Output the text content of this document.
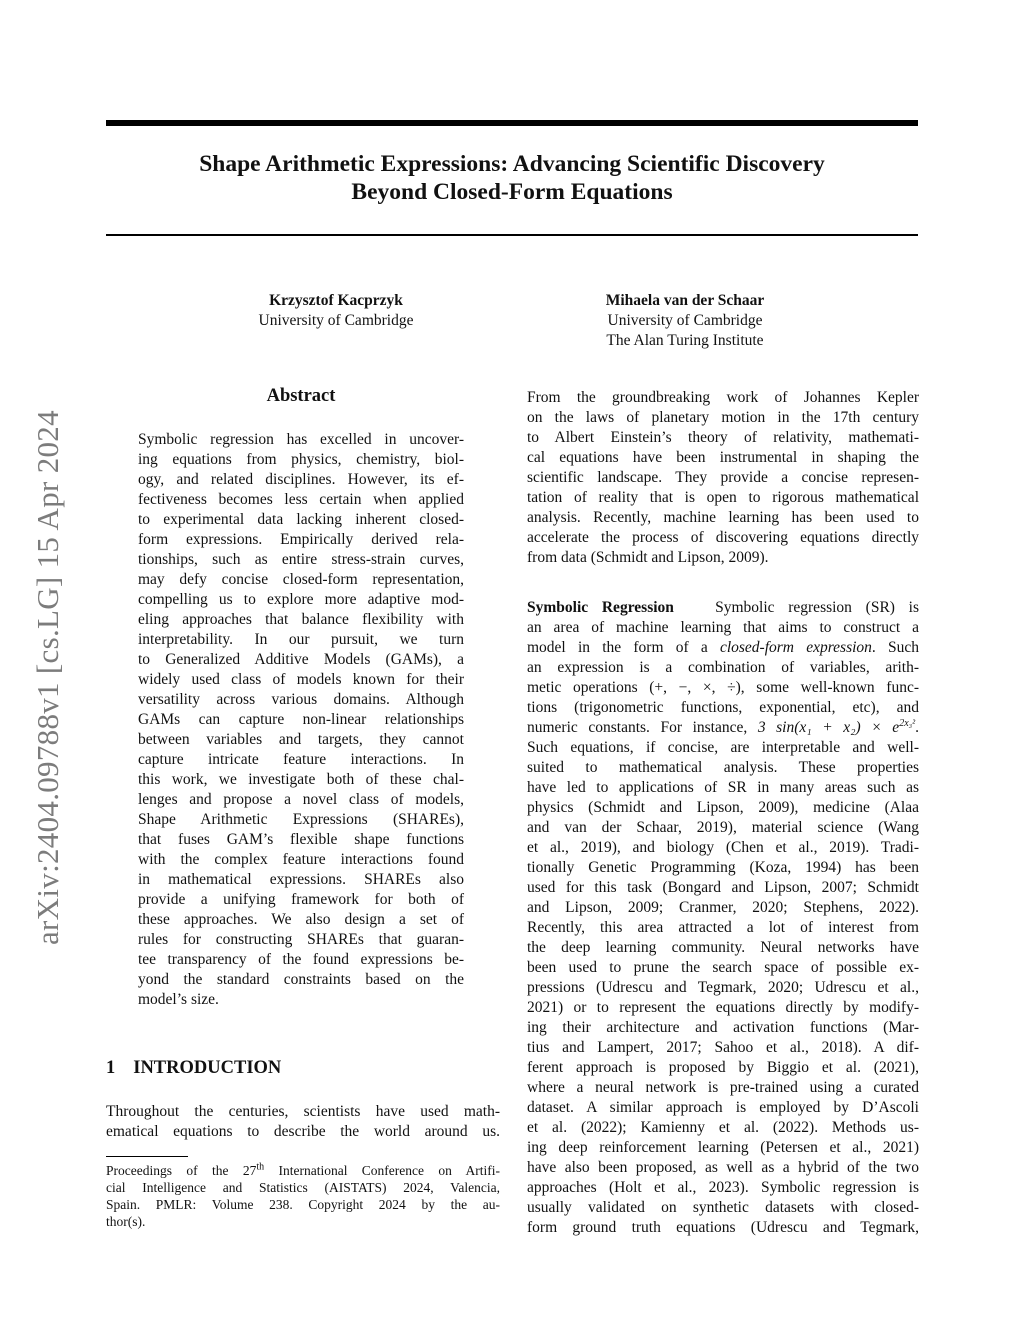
arXiv:2404.09788v1 [cs.LG] 15 Apr 2024
Shape Arithmetic Expressions: Advancing Scientific Discovery
Beyond Closed-Form Equations
Krzysztof Kacprzyk
University of Cambridge
Mihaela van der Schaar
University of Cambridge
The Alan Turing Institute
Abstract
Symbolic regression has excelled in uncover-
ing equations from physics, chemistry, biol-
ogy, and related disciplines. However, its ef-
fectiveness becomes less certain when applied
to experimental data lacking inherent closed-
form expressions. Empirically derived rela-
tionships, such as entire stress-strain curves,
may defy concise closed-form representation,
compelling us to explore more adaptive mod-
eling approaches that balance flexibility with
interpretability. In our pursuit, we turn
to Generalized Additive Models (GAMs), a
widely used class of models known for their
versatility across various domains. Although
GAMs can capture non-linear relationships
between variables and targets, they cannot
capture intricate feature interactions. In
this work, we investigate both of these chal-
lenges and propose a novel class of models,
Shape Arithmetic Expressions (SHAREs),
that fuses GAM’s flexible shape functions
with the complex feature interactions found
in mathematical expressions. SHAREs also
provide a unifying framework for both of
these approaches. We also design a set of
rules for constructing SHAREs that guaran-
tee transparency of the found expressions be-
yond the standard constraints based on the
model’s size.
1 INTRODUCTION
Throughout the centuries, scientists have used math-
ematical equations to describe the world around us.
Proceedings of the 27th International Conference on Artifi-
cial Intelligence and Statistics (AISTATS) 2024, Valencia,
Spain. PMLR: Volume 238. Copyright 2024 by the au-
thor(s).
From the groundbreaking work of Johannes Kepler
on the laws of planetary motion in the 17th century
to Albert Einstein’s theory of relativity, mathemati-
cal equations have been instrumental in shaping the
scientific landscape. They provide a concise represen-
tation of reality that is open to rigorous mathematical
analysis. Recently, machine learning has been used to
accelerate the process of discovering equations directly
from data (Schmidt and Lipson, 2009).
Symbolic Regression	Symbolic regression (SR) is
an area of machine learning that aims to construct a
model in the form of a closed-form expression. Such
an expression is a combination of variables, arith-
metic operations (+, −, ×, ÷), some well-known func-
tions (trigonometric functions, exponential, etc), and
numeric constants. For instance, 3 $\sin(x_1 + x_2) \times e^{2x_3^2}$.
Such equations, if concise, are interpretable and well-
suited to mathematical analysis. These properties
have led to applications of SR in many areas such as
physics (Schmidt and Lipson, 2009), medicine (Alaa
and van der Schaar, 2019), material science (Wang
et al., 2019), and biology (Chen et al., 2019). Tradi-
tionally Genetic Programming (Koza, 1994) has been
used for this task (Bongard and Lipson, 2007; Schmidt
and Lipson, 2009; Cranmer, 2020; Stephens, 2022).
Recently, this area attracted a lot of interest from
the deep learning community. Neural networks have
been used to prune the search space of possible ex-
pressions (Udrescu and Tegmark, 2020; Udrescu et al.,
2021) or to represent the equations directly by modify-
ing their architecture and activation functions (Mar-
tius and Lampert, 2017; Sahoo et al., 2018). A dif-
ferent approach is proposed by Biggio et al. (2021),
where a neural network is pre-trained using a curated
dataset. A similar approach is employed by D’Ascoli
et al. (2022); Kamienny et al. (2022). Methods us-
ing deep reinforcement learning (Petersen et al., 2021)
have also been proposed, as well as a hybrid of the two
approaches (Holt et al., 2023). Symbolic regression is
usually validated on synthetic datasets with closed-
form ground truth equations (Udrescu and Tegmark,
